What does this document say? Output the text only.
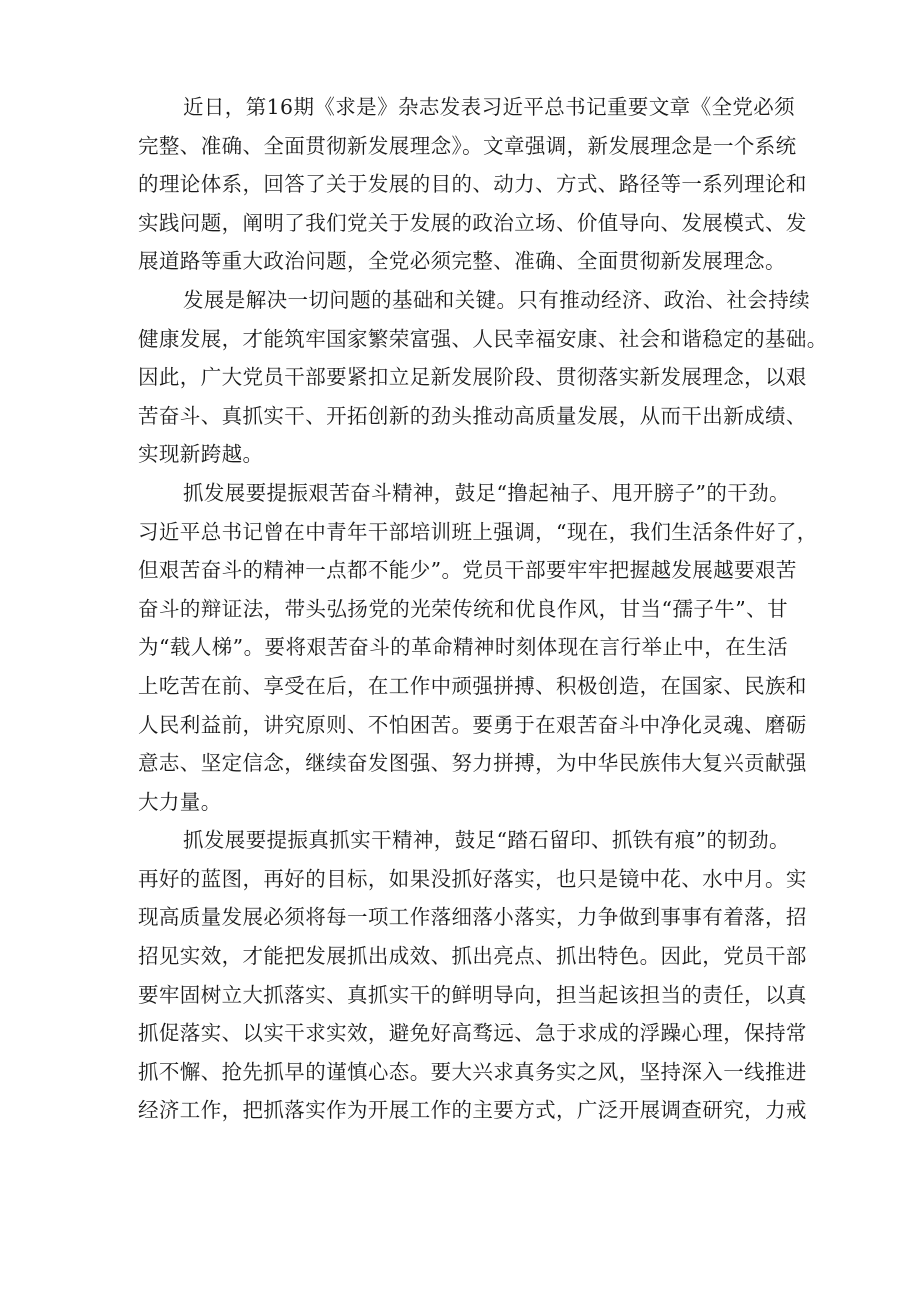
近日，第16期《求是》杂志发表习近平总书记重要文章《全党必须
完整、准确、全面贯彻新发展理念》。文章强调，新发展理念是一个系统
的理论体系，回答了关于发展的目的、动力、方式、路径等一系列理论和
实践问题，阐明了我们党关于发展的政治立场、价值导向、发展模式、发
展道路等重大政治问题，全党必须完整、准确、全面贯彻新发展理念。
发展是解决一切问题的基础和关键。只有推动经济、政治、社会持续
健康发展，才能筑牢国家繁荣富强、人民幸福安康、社会和谐稳定的基础。
因此，广大党员干部要紧扣立足新发展阶段、贯彻落实新发展理念，以艰
苦奋斗、真抓实干、开拓创新的劲头推动高质量发展，从而干出新成绩、
实现新跨越。
抓发展要提振艰苦奋斗精神，鼓足“撸起袖子、甩开膀子”的干劲。
习近平总书记曾在中青年干部培训班上强调，“现在，我们生活条件好了，
但艰苦奋斗的精神一点都不能少”。党员干部要牢牢把握越发展越要艰苦
奋斗的辩证法，带头弘扬党的光荣传统和优良作风，甘当“孺子牛”、甘
为“载人梯”。要将艰苦奋斗的革命精神时刻体现在言行举止中，在生活
上吃苦在前、享受在后，在工作中顽强拼搏、积极创造，在国家、民族和
人民利益前，讲究原则、不怕困苦。要勇于在艰苦奋斗中净化灵魂、磨砺
意志、坚定信念，继续奋发图强、努力拼搏，为中华民族伟大复兴贡献强
大力量。
抓发展要提振真抓实干精神，鼓足“踏石留印、抓铁有痕”的韧劲。
再好的蓝图，再好的目标，如果没抓好落实，也只是镜中花、水中月。实
现高质量发展必须将每一项工作落细落小落实，力争做到事事有着落，招
招见实效，才能把发展抓出成效、抓出亮点、抓出特色。因此，党员干部
要牢固树立大抓落实、真抓实干的鲜明导向，担当起该担当的责任，以真
抓促落实、以实干求实效，避免好高骛远、急于求成的浮躁心理，保持常
抓不懈、抢先抓早的谨慎心态。要大兴求真务实之风，坚持深入一线推进
经济工作，把抓落实作为开展工作的主要方式，广泛开展调查研究，力戒
